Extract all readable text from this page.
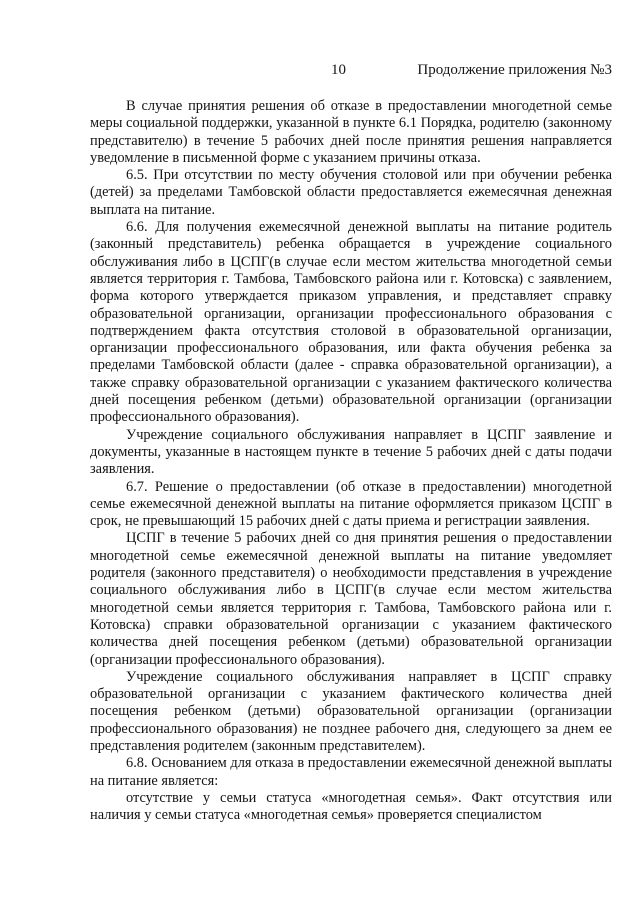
10	Продолжение приложения №3

В случае принятия решения об отказе в предоставлении многодетной семье меры социальной поддержки, указанной в пункте 6.1 Порядка, родителю (законному представителю) в течение 5 рабочих дней после принятия решения направляется уведомление в письменной форме с указанием причины отказа.

6.5. При отсутствии по месту обучения столовой или при обучении ребенка (детей) за пределами Тамбовской области предоставляется ежемесячная денежная выплата на питание.

6.6. Для получения ежемесячной денежной выплаты на питание родитель (законный представитель) ребенка обращается в учреждение социального обслуживания либо в ЦСПГ(в случае если местом жительства многодетной семьи является территория г. Тамбова, Тамбовского района или г. Котовска) с заявлением, форма которого утверждается приказом управления, и представляет справку образовательной организации, организации профессионального образования с подтверждением факта отсутствия столовой в образовательной организации, организации профессионального образования, или факта обучения ребенка за пределами Тамбовской области (далее - справка образовательной организации), а также справку образовательной организации с указанием фактического количества дней посещения ребенком (детьми) образовательной организации (организации профессионального образования).

Учреждение социального обслуживания направляет в ЦСПГ заявление и документы, указанные в настоящем пункте в течение 5 рабочих дней с даты подачи заявления.

6.7. Решение о предоставлении (об отказе в предоставлении) многодетной семье ежемесячной денежной выплаты на питание оформляется приказом ЦСПГ в срок, не превышающий 15 рабочих дней с даты приема и регистрации заявления.

ЦСПГ в течение 5 рабочих дней со дня принятия решения о предоставлении многодетной семье ежемесячной денежной выплаты на питание уведомляет родителя (законного представителя) о необходимости представления в учреждение социального обслуживания либо в ЦСПГ(в случае если местом жительства многодетной семьи является территория г. Тамбова, Тамбовского района или г. Котовска) справки образовательной организации с указанием фактического количества дней посещения ребенком (детьми) образовательной организации (организации профессионального образования).

Учреждение социального обслуживания направляет в ЦСПГ справку образовательной организации с указанием фактического количества дней посещения ребенком (детьми) образовательной организации (организации профессионального образования) не позднее рабочего дня, следующего за днем ее представления родителем (законным представителем).

6.8. Основанием для отказа в предоставлении ежемесячной денежной выплаты на питание является:

отсутствие у семьи статуса «многодетная семья». Факт отсутствия или наличия у семьи статуса «многодетная семья» проверяется специалистом
